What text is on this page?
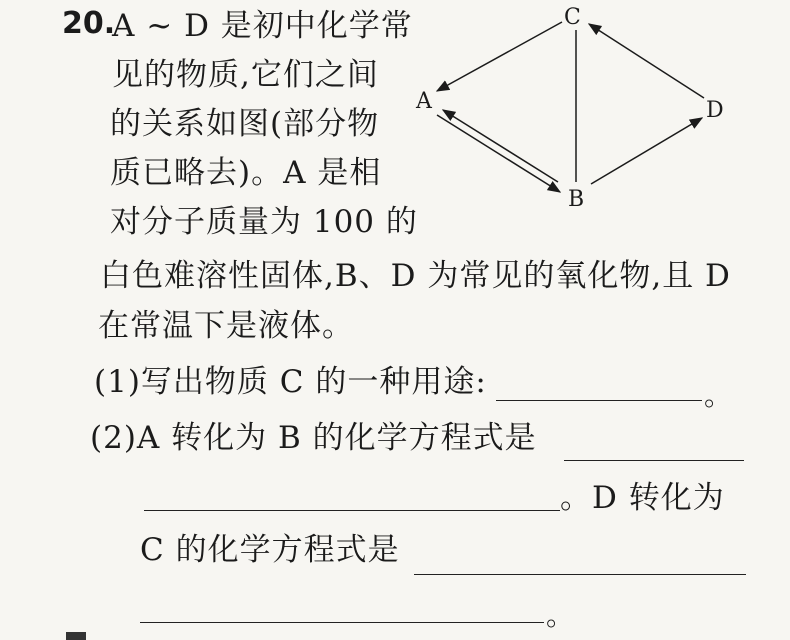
20.
A ~ D 是初中化学常
见的物质,它们之间
的关系如图(部分物
质已略去)。A 是相
对分子质量为 100 的
白色难溶性固体,B、D 为常见的氧化物,且 D
在常温下是液体。
(1)写出物质 C 的一种用途:	。
(2)A 转化为 B 的化学方程式是
。D 转化为
C 的化学方程式是
。
C
A	D
B
